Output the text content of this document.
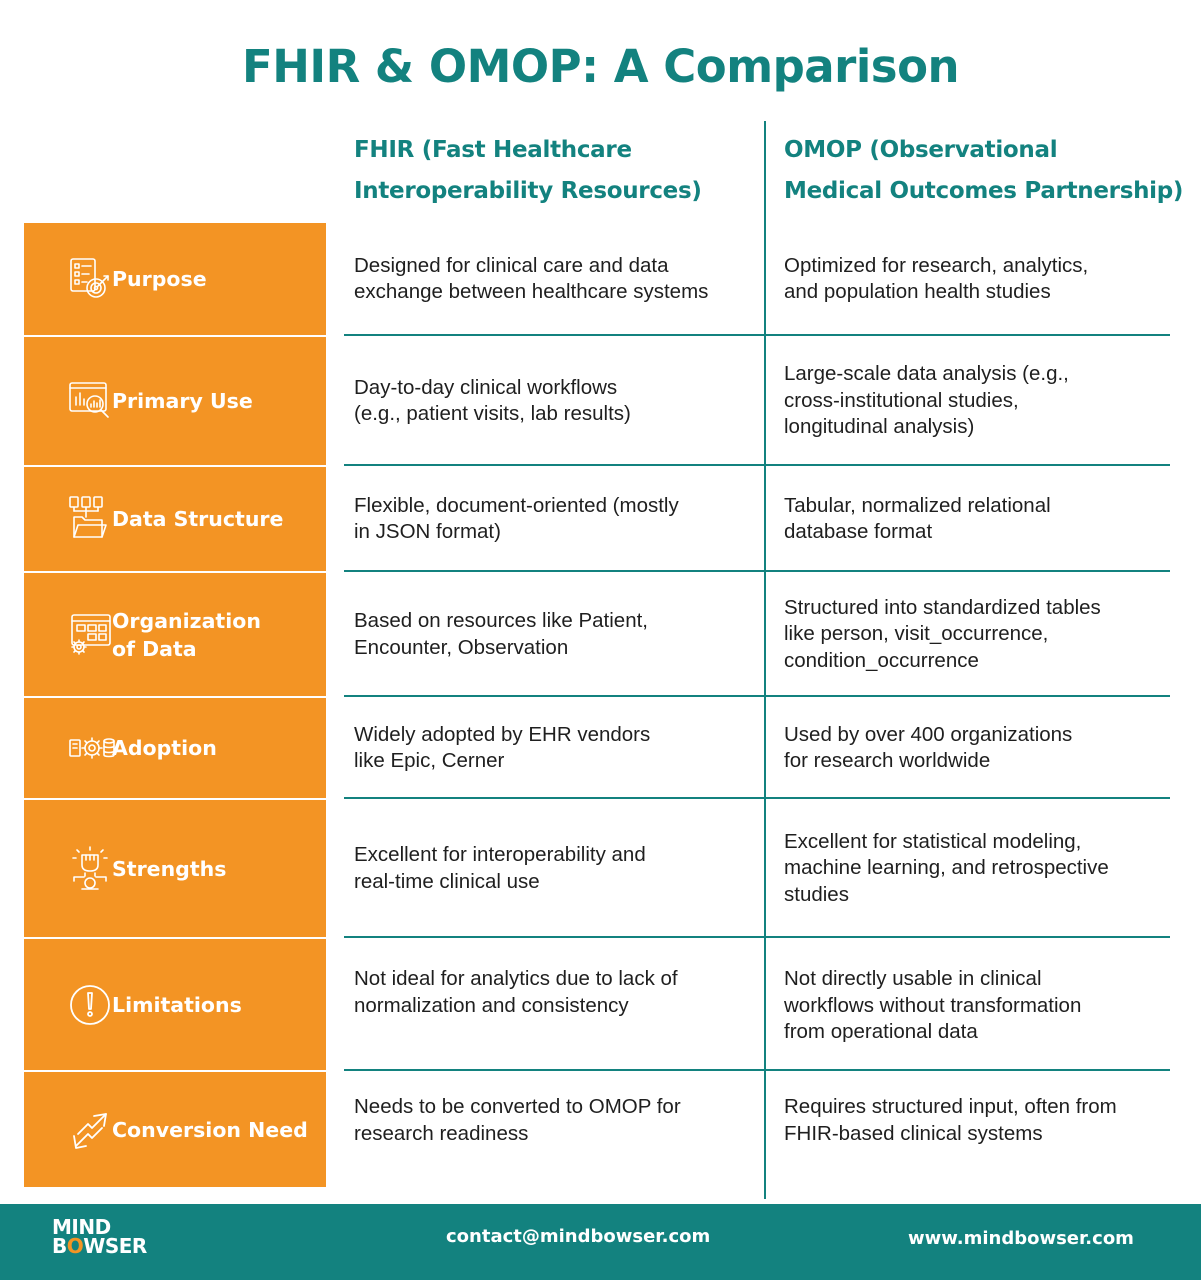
FHIR & OMOP: A Comparison
FHIR (Fast Healthcare
Interoperability Resources)
OMOP (Observational
Medical Outcomes Partnership)
Purpose
Designed for clinical care and data
exchange between healthcare systems
Optimized for research, analytics,
and population health studies
Primary Use
Day-to-day clinical workflows
(e.g., patient visits, lab results)
Large-scale data analysis (e.g.,
cross-institutional studies,
longitudinal analysis)
Data Structure
Flexible, document-oriented (mostly
in JSON format)
Tabular, normalized relational
database format
Organization
of Data
Based on resources like Patient,
Encounter, Observation
Structured into standardized tables
like person, visit_occurrence,
condition_occurrence
Adoption
Widely adopted by EHR vendors
like Epic, Cerner
Used by over 400 organizations
for research worldwide
Strengths
Excellent for interoperability and
real-time clinical use
Excellent for statistical modeling,
machine learning, and retrospective
studies
Limitations
Not ideal for analytics due to lack of
normalization and consistency
Not directly usable in clinical
workflows without transformation
from operational data
Conversion Need
Needs to be converted to OMOP for
research readiness
Requires structured input, often from
FHIR-based clinical systems
MIND
BOWSER	contact@mindbowser.com	www.mindbowser.com
